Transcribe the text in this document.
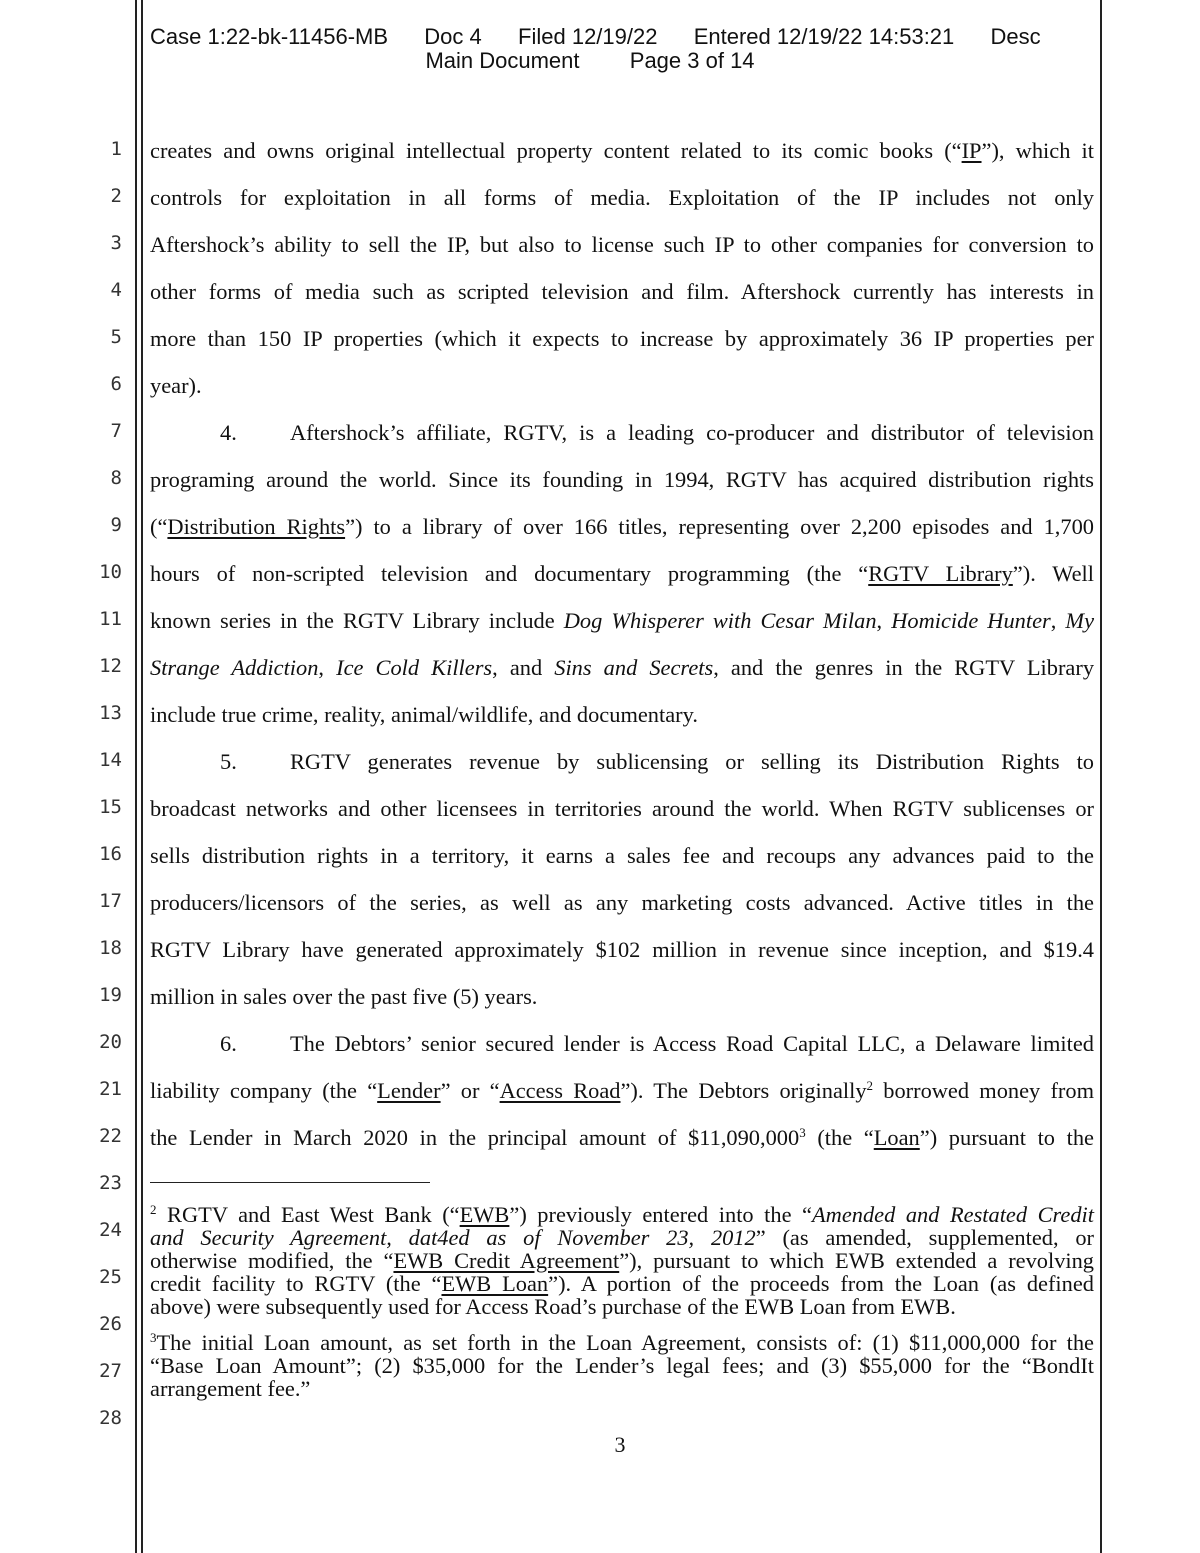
Case 1:22-bk-11456-MB Doc 4 Filed 12/19/22 Entered 12/19/22 14:53:21 Desc
Main Document Page 3 of 14
1
2
3
4
5
6
7
8
9
10
11
12
13
14
15
16
17
18
19
20
21
22
23
24
25
26
27
28
creates and owns original intellectual property content related to its comic books (“IP”), which it
controls for exploitation in all forms of media. Exploitation of the IP includes not only
Aftershock’s ability to sell the IP, but also to license such IP to other companies for conversion to
other forms of media such as scripted television and film. Aftershock currently has interests in
more than 150 IP properties (which it expects to increase by approximately 36 IP properties per
year).
4. Aftershock’s affiliate, RGTV, is a leading co-producer and distributor of television
programing around the world. Since its founding in 1994, RGTV has acquired distribution rights
(“Distribution Rights”) to a library of over 166 titles, representing over 2,200 episodes and 1,700
hours of non-scripted television and documentary programming (the “RGTV Library”). Well
known series in the RGTV Library include Dog Whisperer with Cesar Milan, Homicide Hunter, My
Strange Addiction, Ice Cold Killers, and Sins and Secrets, and the genres in the RGTV Library
include true crime, reality, animal/wildlife, and documentary.
5. RGTV generates revenue by sublicensing or selling its Distribution Rights to
broadcast networks and other licensees in territories around the world. When RGTV sublicenses or
sells distribution rights in a territory, it earns a sales fee and recoups any advances paid to the
producers/licensors of the series, as well as any marketing costs advanced. Active titles in the
RGTV Library have generated approximately $102 million in revenue since inception, and $19.4
million in sales over the past five (5) years.
6. The Debtors’ senior secured lender is Access Road Capital LLC, a Delaware limited
liability company (the “Lender” or “Access Road”). The Debtors originally$^2$ borrowed money from
the Lender in March 2020 in the principal amount of $11,090,000$^3$ (the “Loan”) pursuant to the
$^2$ RGTV and East West Bank (“EWB”) previously entered into the “Amended and Restated Credit
and Security Agreement, dat4ed as of November 23, 2012” (as amended, supplemented, or
otherwise modified, the “EWB Credit Agreement”), pursuant to which EWB extended a revolving
credit facility to RGTV (the “EWB Loan”). A portion of the proceeds from the Loan (as defined
above) were subsequently used for Access Road’s purchase of the EWB Loan from EWB.
$^3$The initial Loan amount, as set forth in the Loan Agreement, consists of: (1) $11,000,000 for the
“Base Loan Amount”; (2) $35,000 for the Lender’s legal fees; and (3) $55,000 for the “BondIt
arrangement fee.”
3
